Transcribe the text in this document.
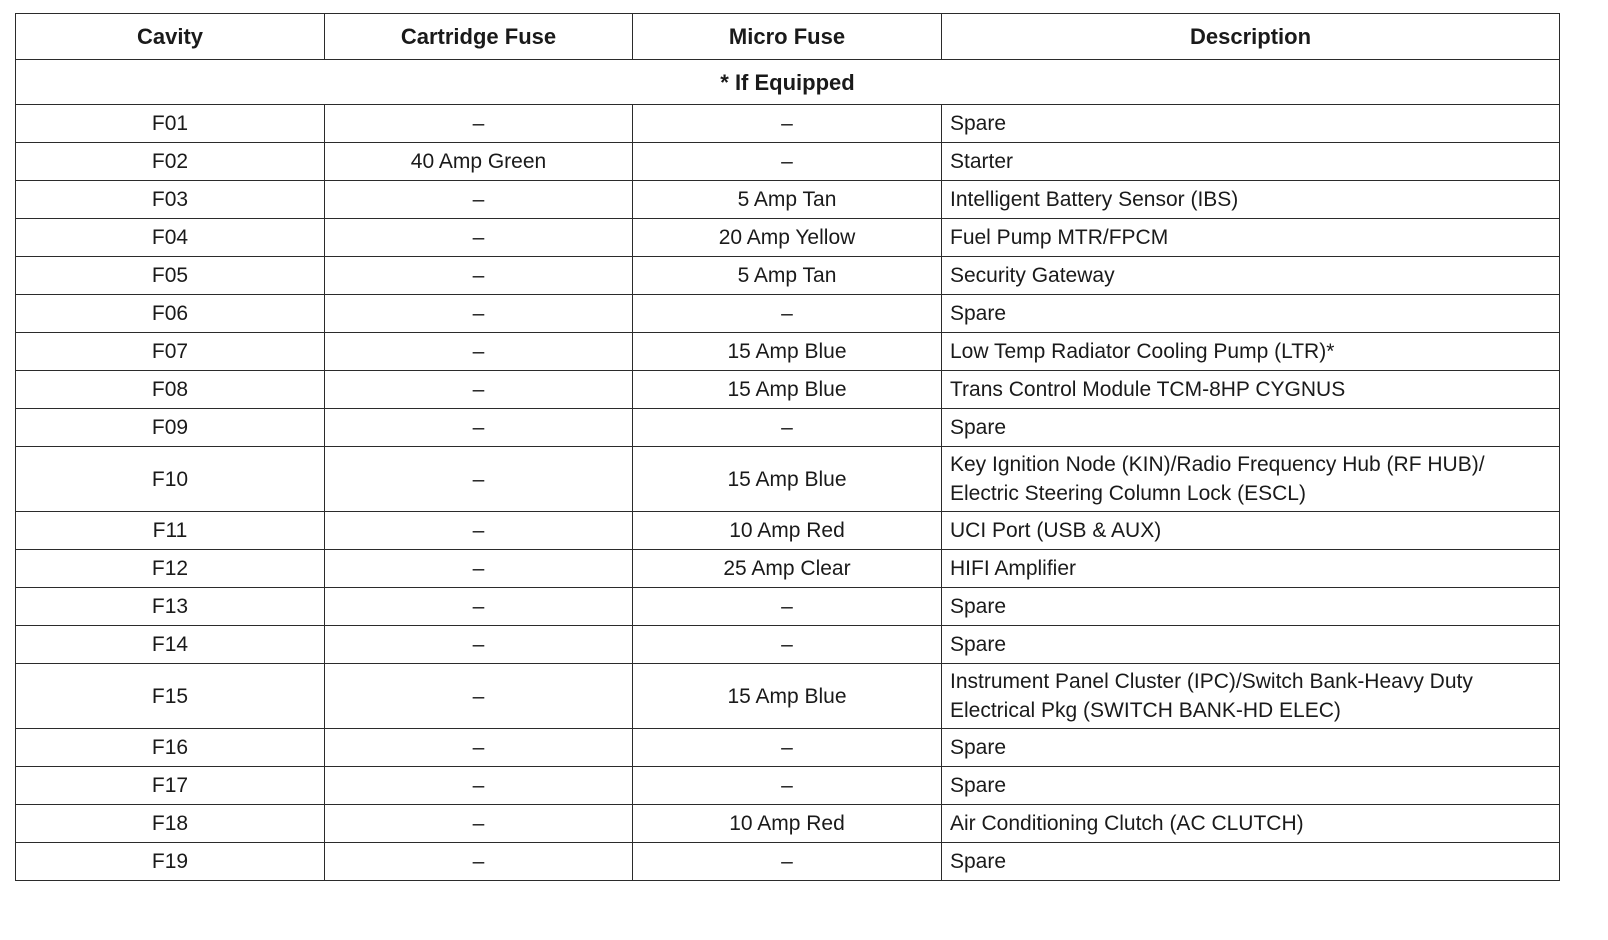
Cavity	Cartridge Fuse	Micro Fuse	Description
* If Equipped			
F01	–	–	Spare
F02	40 Amp Green	–	Starter
F03	–	5 Amp Tan	Intelligent Battery Sensor (IBS)
F04	–	20 Amp Yellow	Fuel Pump MTR/FPCM
F05	–	5 Amp Tan	Security Gateway
F06	–	–	Spare
F07	–	15 Amp Blue	Low Temp Radiator Cooling Pump (LTR)*
F08	–	15 Amp Blue	Trans Control Module TCM-8HP CYGNUS
F09	–	–	Spare
F10	–	15 Amp Blue	Key Ignition Node (KIN)/Radio Frequency Hub (RF HUB)/
Electric Steering Column Lock (ESCL)
F11	–	10 Amp Red	UCI Port (USB & AUX)
F12	–	25 Amp Clear	HIFI Amplifier
F13	–	–	Spare
F14	–	–	Spare
F15	–	15 Amp Blue	Instrument Panel Cluster (IPC)/Switch Bank-Heavy Duty
Electrical Pkg (SWITCH BANK-HD ELEC)
F16	–	–	Spare
F17	–	–	Spare
F18	–	10 Amp Red	Air Conditioning Clutch (AC CLUTCH)
F19	–	–	Spare
